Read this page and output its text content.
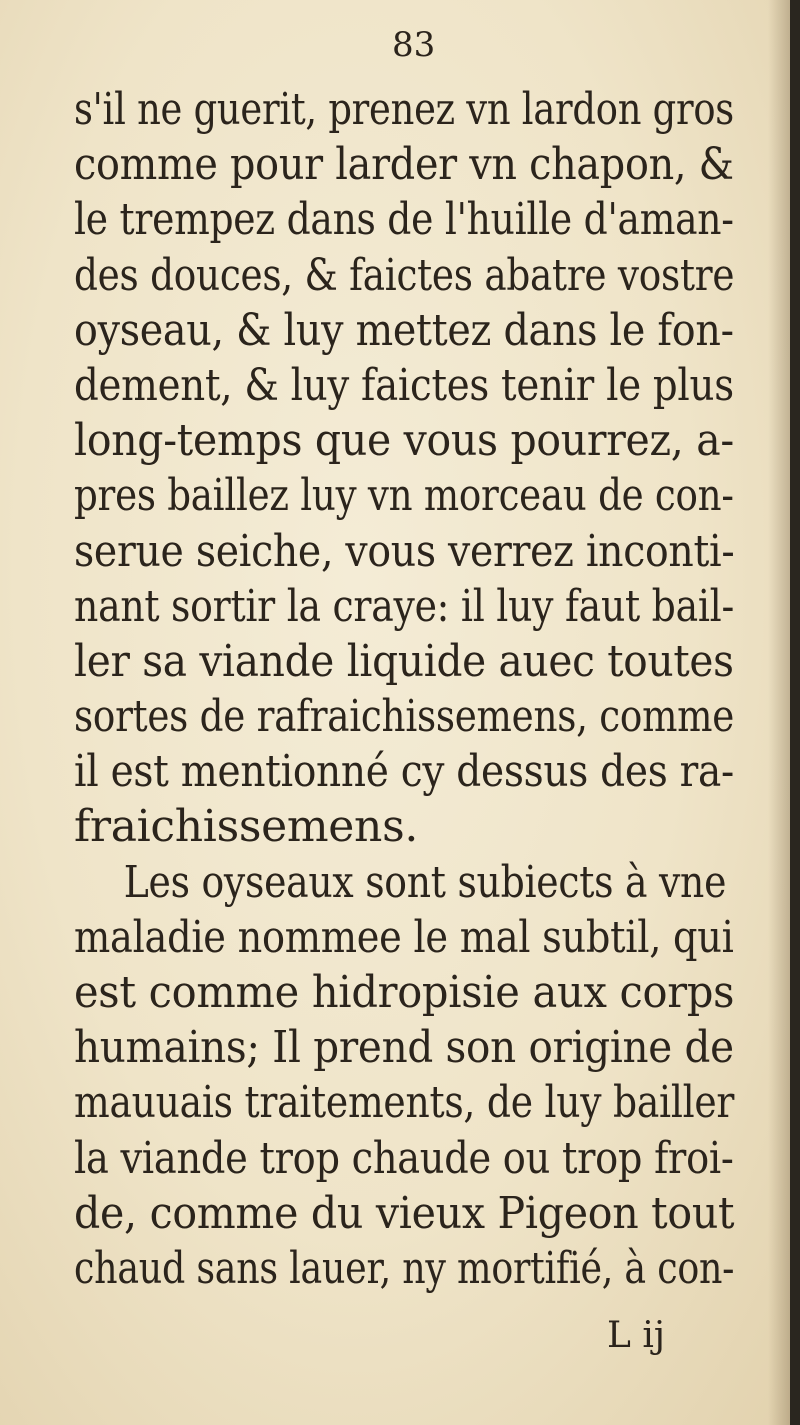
83
s'il ne guerit, prenez vn lardon gros
comme pour larder vn chapon, &
le trempez dans de l'huille d'aman-
des douces, & faictes abatre vostre
oyseau, & luy mettez dans le fon-
dement, & luy faictes tenir le plus
long-temps que vous pourrez, a-
pres baillez luy vn morceau de con-
serue seiche, vous verrez inconti-
nant sortir la craye: il luy faut bail-
ler sa viande liquide auec toutes
sortes de rafraichissemens, comme
il est mentionné cy dessus des ra-
fraichissemens.
Les oyseaux sont subiects à vne
maladie nommee le mal subtil, qui
est comme hidropisie aux corps
humains; Il prend son origine de
mauuais traitements, de luy bailler
la viande trop chaude ou trop froi-
de, comme du vieux Pigeon tout
chaud sans lauer, ny mortifié, à con-
L ij
